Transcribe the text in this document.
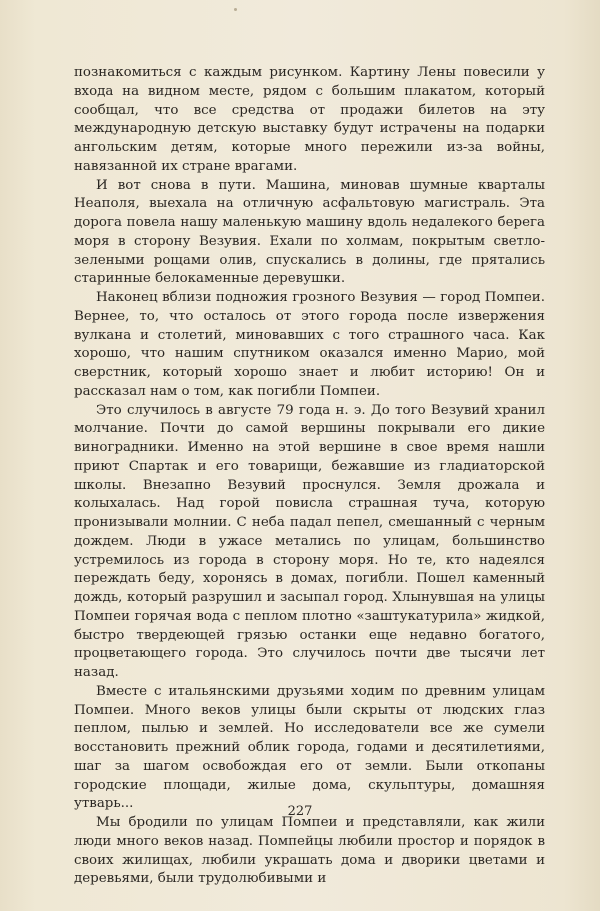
познакомиться с каждым рисунком. Картину Лены повесили у входа на видном месте, рядом с большим плакатом, который сообщал, что все средства от продажи билетов на эту международную детскую выставку будут истрачены на подарки ангольским детям, которые много пережили из-за войны, навязанной их стране врагами.

И вот снова в пути. Машина, миновав шумные кварталы Неаполя, выехала на отличную асфальтовую магистраль. Эта дорога повела нашу маленькую машину вдоль недалекого берега моря в сторону Везувия. Ехали по холмам, покрытым светло-зелеными рощами олив, спускались в долины, где прятались старинные белокаменные деревушки.

Наконец вблизи подножия грозного Везувия — город Помпеи. Вернее, то, что осталось от этого города после извержения вулкана и столетий, миновавших с того страшного часа. Как хорошо, что нашим спутником оказался именно Марио, мой сверстник, который хорошо знает и любит историю! Он и рассказал нам о том, как погибли Помпеи.

Это случилось в августе 79 года н. э. До того Везувий хранил молчание. Почти до самой вершины покрывали его дикие виноградники. Именно на этой вершине в свое время нашли приют Спартак и его товарищи, бежавшие из гладиаторской школы. Внезапно Везувий проснулся. Земля дрожала и колыхалась. Над горой повисла страшная туча, которую пронизывали молнии. С неба падал пепел, смешанный с черным дождем. Люди в ужасе метались по улицам, большинство устремилось из города в сторону моря. Но те, кто надеялся переждать беду, хоронясь в домах, погибли. Пошел каменный дождь, который разрушил и засыпал город. Хлынувшая на улицы Помпеи горячая вода с пеплом плотно «заштукатурила» жидкой, быстро твердеющей грязью останки еще недавно богатого, процветающего города. Это случилось почти две тысячи лет назад.

Вместе с итальянскими друзьями ходим по древним улицам Помпеи. Много веков улицы были скрыты от людских глаз пеплом, пылью и землей. Но исследователи все же сумели восстановить прежний облик города, годами и десятилетиями, шаг за шагом освобождая его от земли. Были откопаны городские площади, жилые дома, скульптуры, домашняя утварь...

Мы бродили по улицам Помпеи и представляли, как жили люди много веков назад. Помпейцы любили простор и порядок в своих жилищах, любили украшать дома и дворики цветами и деревьями, были трудолюбивыми и

227
